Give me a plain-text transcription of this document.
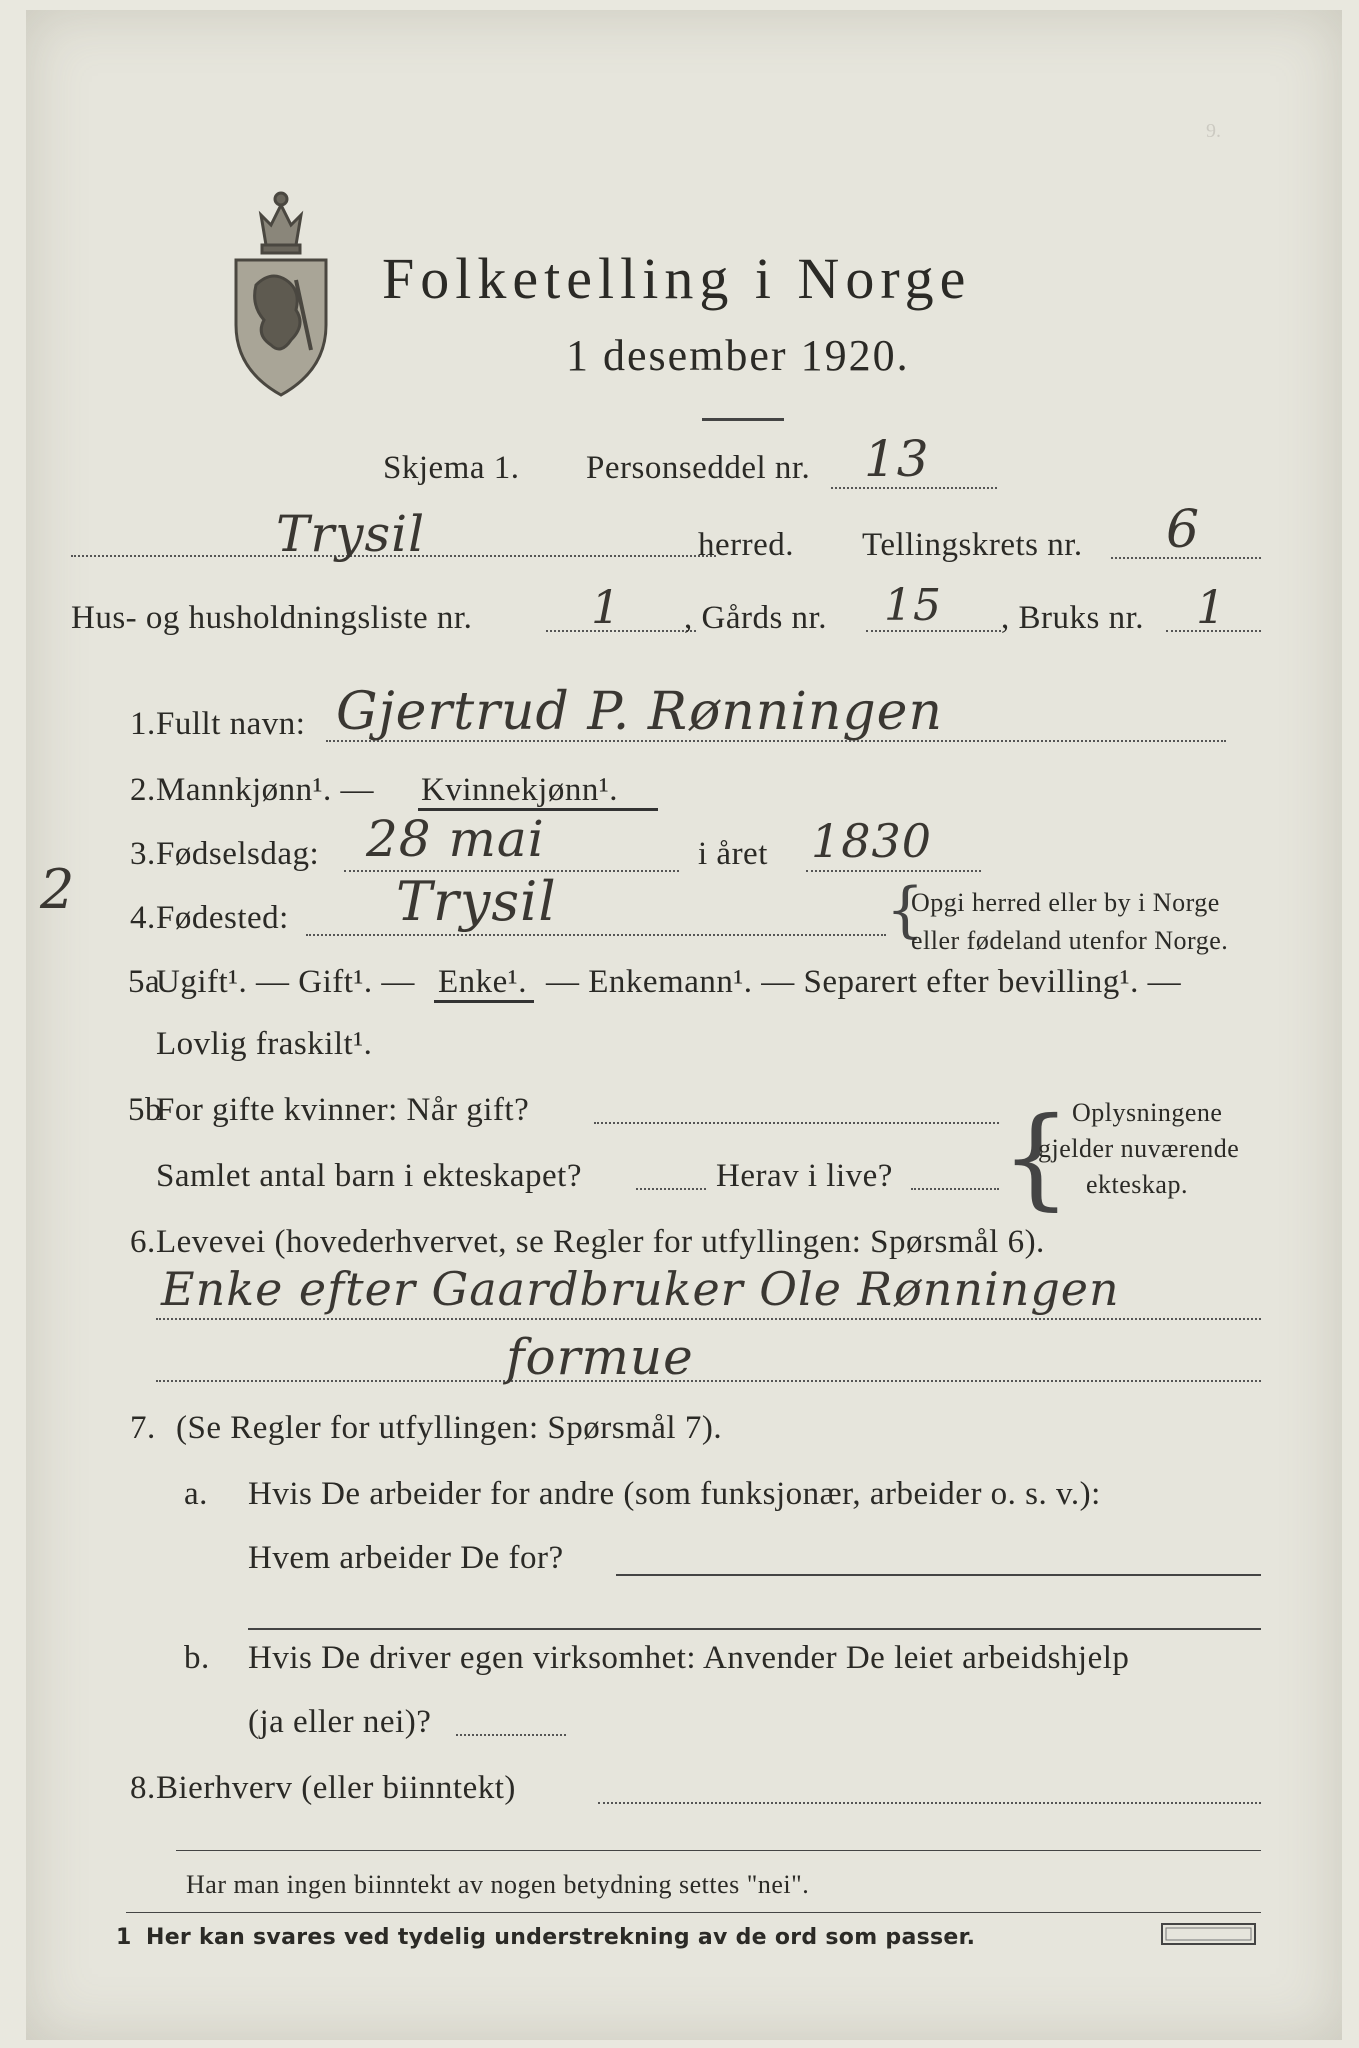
9.
Folketelling i Norge
1 desember 1920.
Skjema 1. Personseddel nr. 13
Trysil	herred. Tellingskrets nr. 6
Hus- og husholdningsliste nr.	1 , Gårds nr. 15 , Bruks nr. 1
1. Fullt navn: Gjertrud P. Rønningen
2. Mannkjønn¹. — Kvinnekjønn¹.
2
3. Fødselsdag: 28 mai	i året 1830
4. Fødested: Trysil	{
Opgi herred eller by i Norge
eller fødeland utenfor Norge.
5a
Ugift¹. — Gift¹. — Enke¹. — Enkemann¹. — Separert efter bevilling¹. —
Lovlig fraskilt¹.
5b
For gifte kvinner: Når gift?
Samlet antal barn i ekteskapet?	Herav i live? { Oplysningene
gjelder nuværende
ekteskap.
6. Levevei (hovederhvervet, se Regler for utfyllingen: Spørsmål 6).
Enke efter Gaardbruker Ole Rønningen
formue
7. (Se Regler for utfyllingen: Spørsmål 7).
a. Hvis De arbeider for andre (som funksjonær, arbeider o. s. v.):
Hvem arbeider De for?
b. Hvis De driver egen virksomhet: Anvender De leiet arbeidshjelp
(ja eller nei)?
8. Bierhverv (eller biinntekt)
Har man ingen biinntekt av nogen betydning settes "nei".
1 Her kan svares ved tydelig understrekning av de ord som passer.
